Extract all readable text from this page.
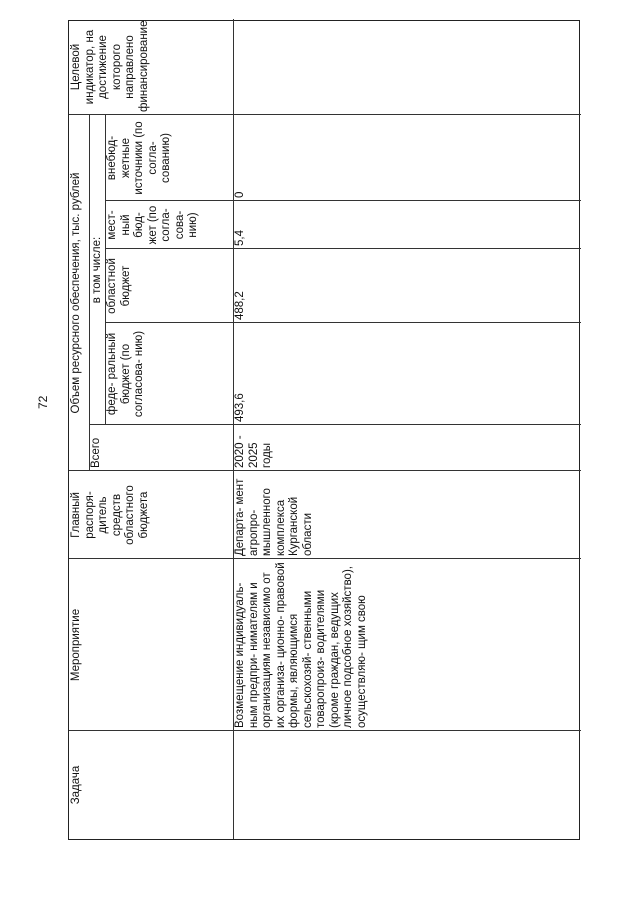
72
Задача
Мероприятие
Главный распоря- дитель средств областного бюджета
Объем ресурсного обеспечения, тыс. рублей
Целевой индикатор, на достижение которого направлено финансирование
Всего
в том числе:
феде- ральный бюджет (по согласова- нию)
областной бюджет
мест- ный бюд- жет (по согла- сова- нию)
внебюд- жетные источники (по согла- сованию)
Возмещение индивидуаль- ным предпри- нимателям и организациям независимо от их организа- ционно- правовой формы, являющимся сельскохозяй- ственными товаропроиз- водителями (кроме граждан, ведущих личное подсобное хозяйство), осуществляю- щим свою
Департа- мент агропро- мышленного комплекса Курганской области
2020 - 2025 годы
493,6
488,2
5,4
0
